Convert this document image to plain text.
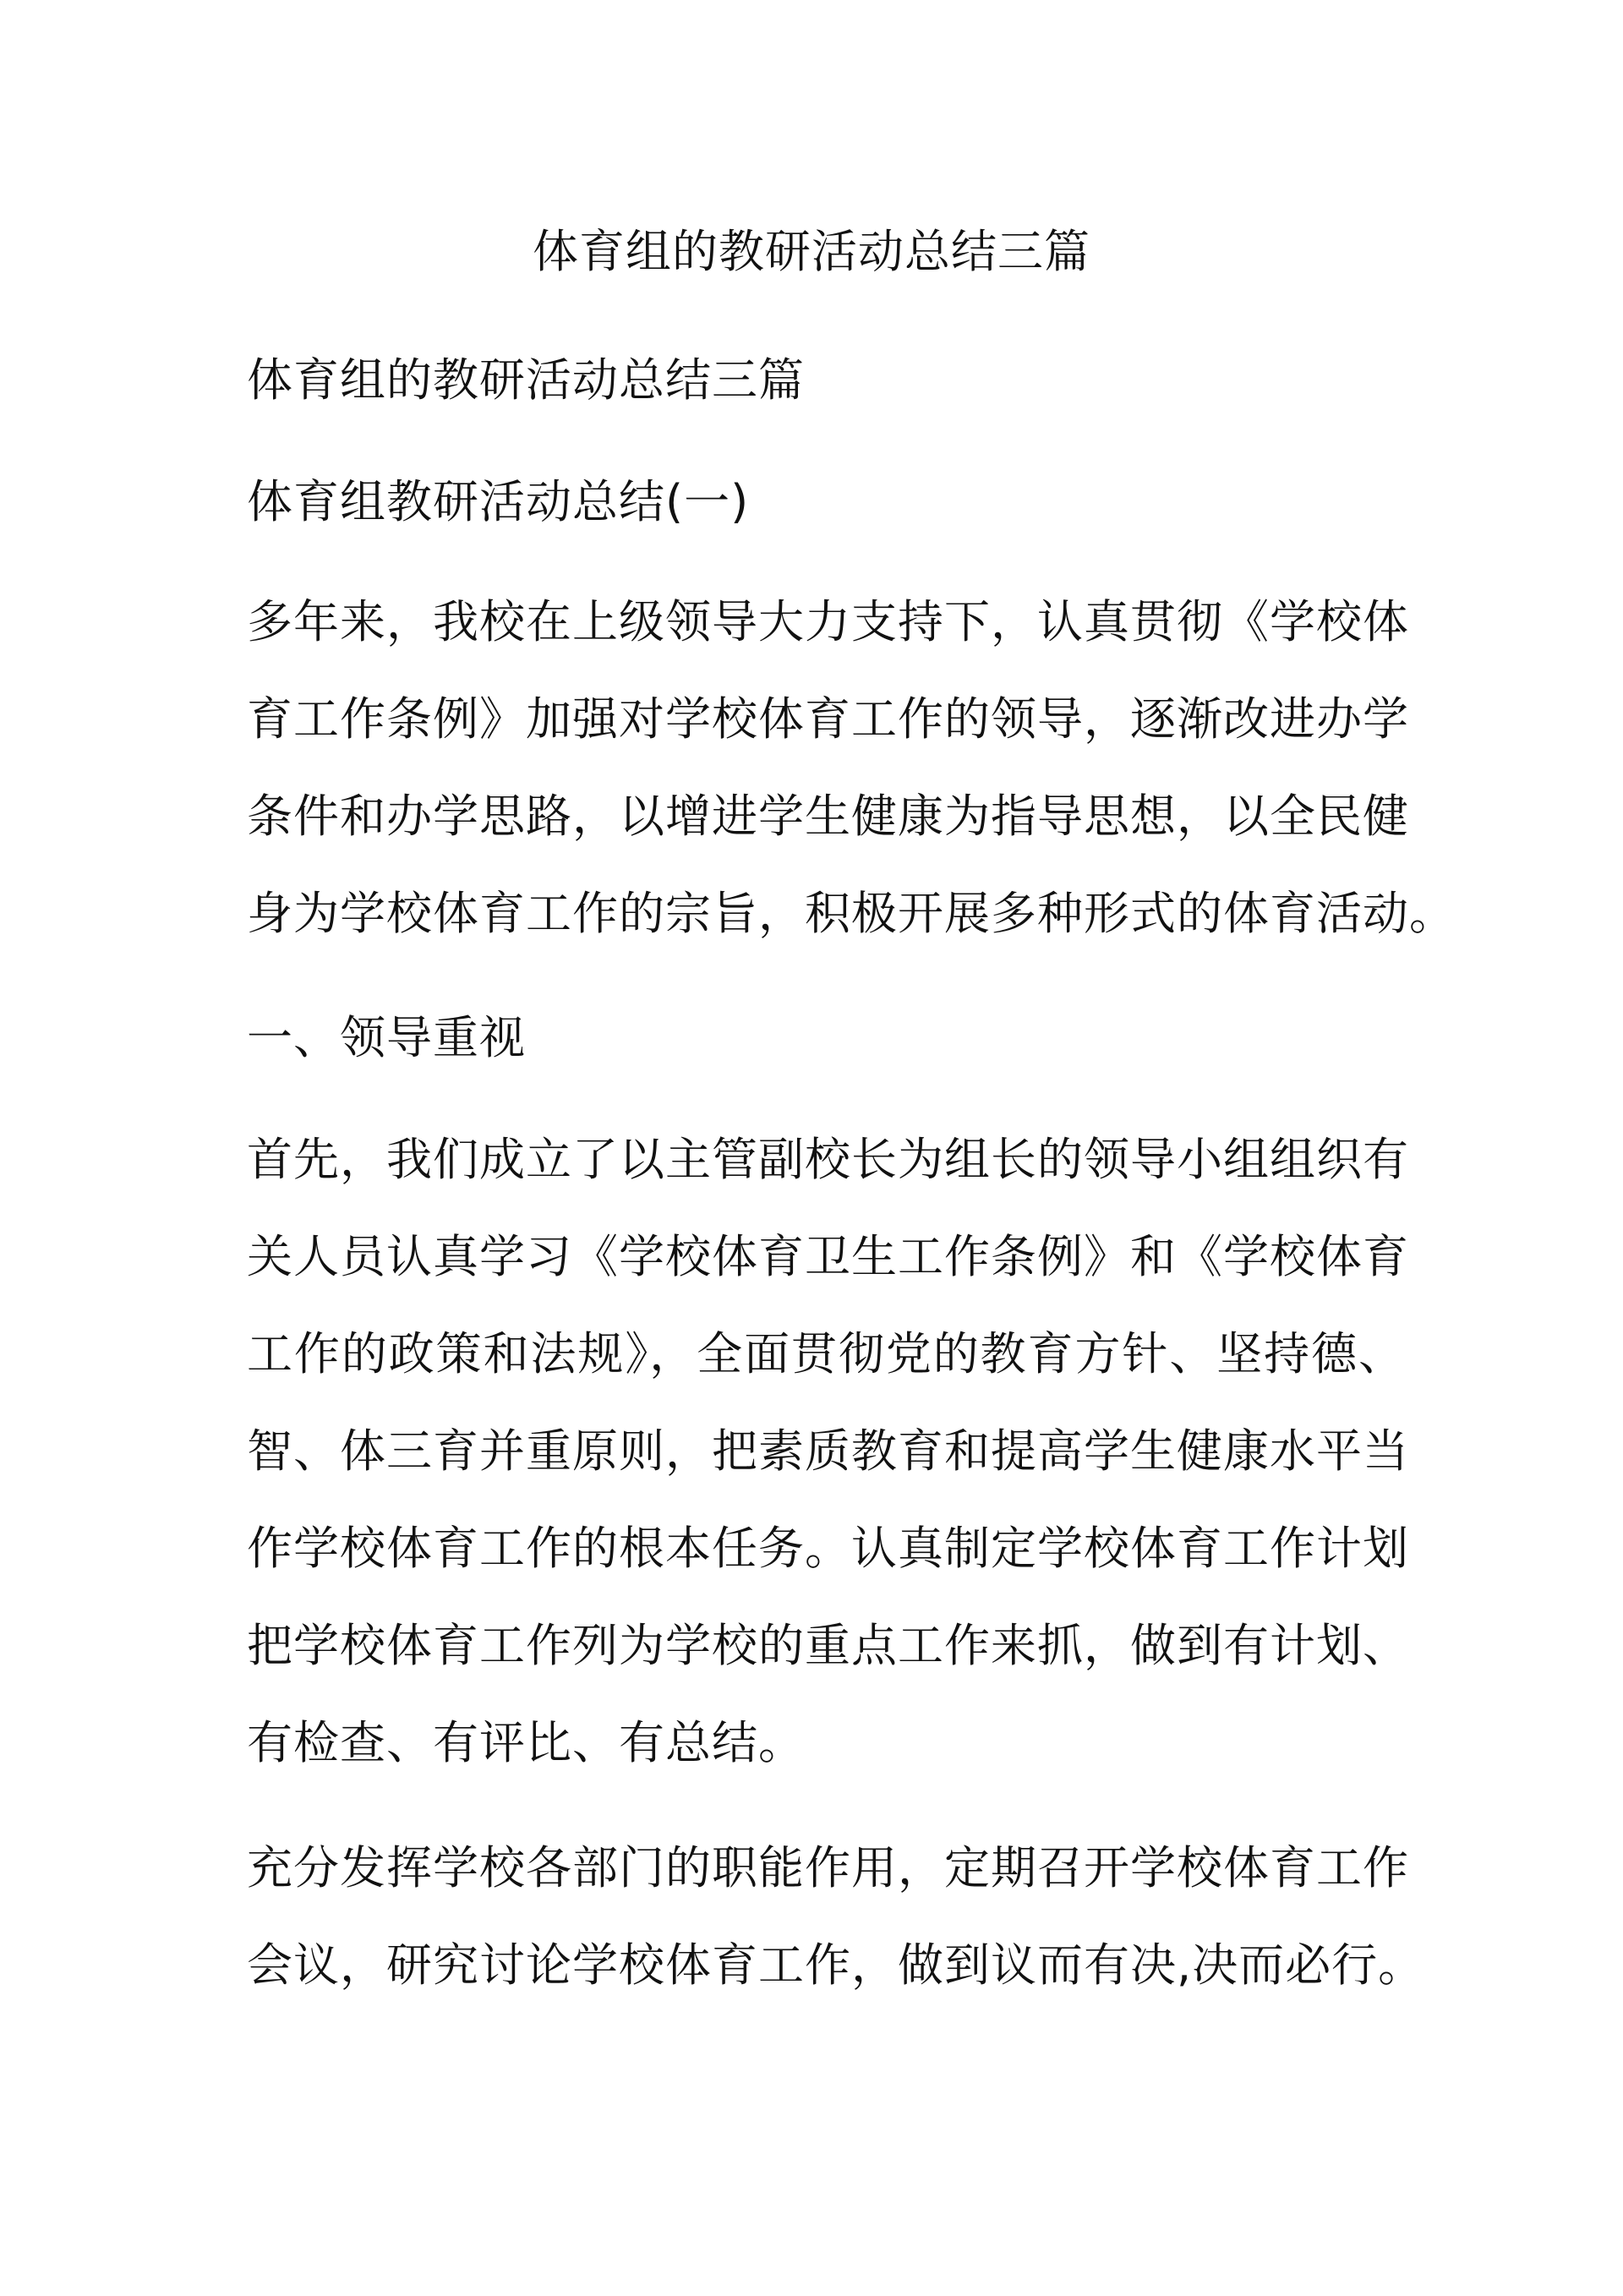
体育组的教研活动总结三篇

体育组的教研活动总结三篇

体育组教研活动总结(一)

多年来，我校在上级领导大力支持下，认真贯彻《学校体
育工作条例》加强对学校体育工作的领导，逐渐改进办学
条件和办学思路，以增进学生健康为指导思想，以全民健
身为学校体育工作的宗旨，积极开展多种形式的体育活动。

一、领导重视

首先，我们成立了以主管副校长为组长的领导小组组织有
关人员认真学习《学校体育卫生工作条例》和《学校体育
工作的政策和法规》，全面贯彻党的教育方针、坚持德、
智、体三育并重原则，把素质教育和提高学生健康水平当
作学校体育工作的根本任务。认真制定学校体育工作计划
把学校体育工作列为学校的重点工作来抓，做到有计划、
有检查、有评比、有总结。
充分发挥学校各部门的职能作用，定期召开学校体育工作
会议，研究讨论学校体育工作，做到议而有决,决而必行。
